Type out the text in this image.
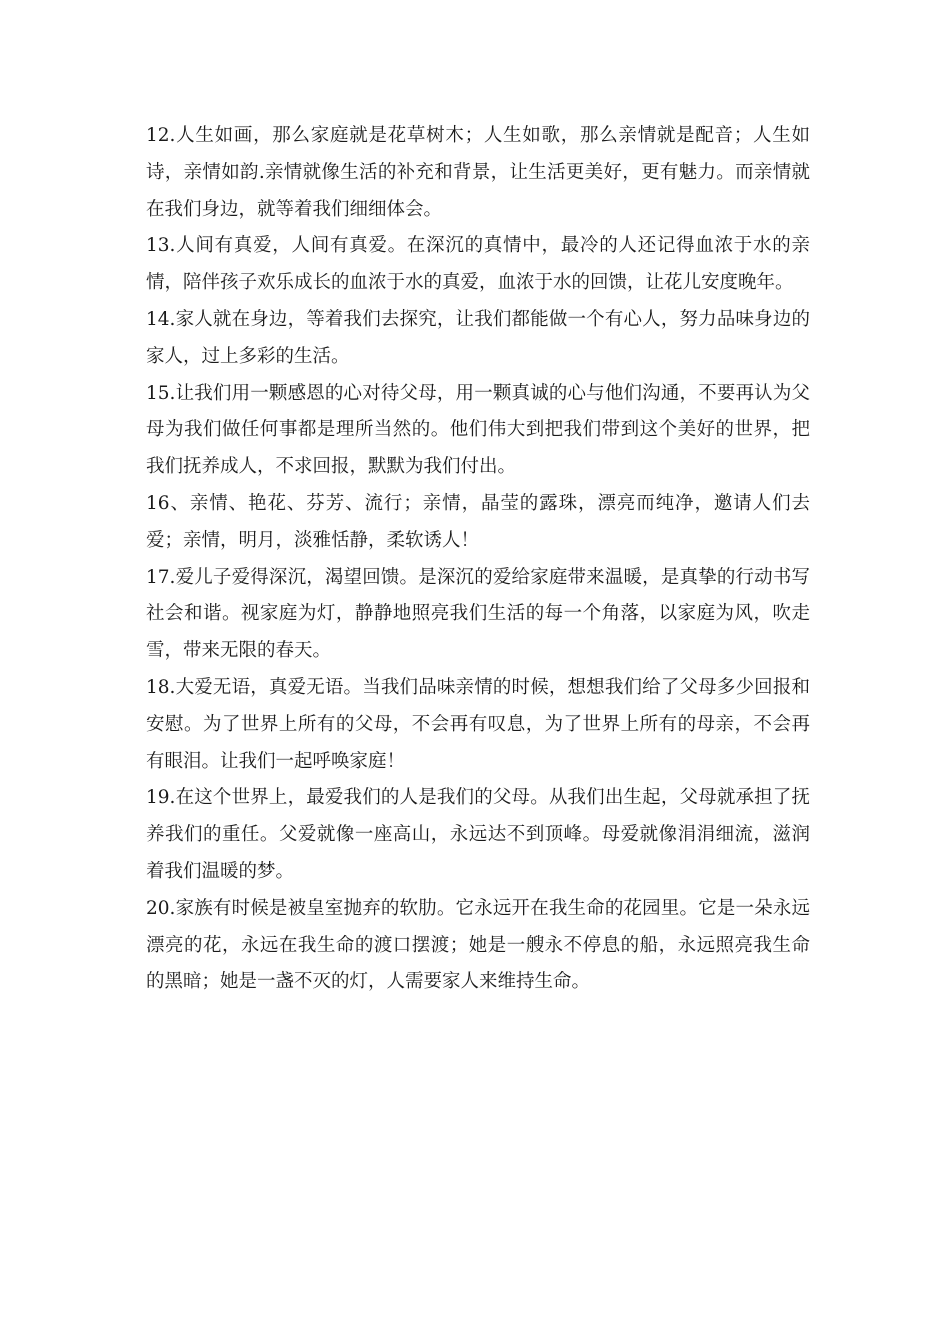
12.人生如画，那么家庭就是花草树木；人生如歌，那么亲情就是配音；人生如诗，亲情如韵.亲情就像生活的补充和背景，让生活更美好，更有魅力。而亲情就在我们身边，就等着我们细细体会。

13.人间有真爱，人间有真爱。在深沉的真情中，最冷的人还记得血浓于水的亲情，陪伴孩子欢乐成长的血浓于水的真爱，血浓于水的回馈，让花儿安度晚年。

14.家人就在身边，等着我们去探究，让我们都能做一个有心人，努力品味身边的家人，过上多彩的生活。

15.让我们用一颗感恩的心对待父母，用一颗真诚的心与他们沟通，不要再认为父母为我们做任何事都是理所当然的。他们伟大到把我们带到这个美好的世界，把我们抚养成人，不求回报，默默为我们付出。

16、亲情、艳花、芬芳、流行；亲情，晶莹的露珠，漂亮而纯净，邀请人们去爱；亲情，明月，淡雅恬静，柔软诱人！

17.爱儿子爱得深沉，渴望回馈。是深沉的爱给家庭带来温暖，是真挚的行动书写社会和谐。视家庭为灯，静静地照亮我们生活的每一个角落，以家庭为风，吹走雪，带来无限的春天。

18.大爱无语，真爱无语。当我们品味亲情的时候，想想我们给了父母多少回报和安慰。为了世界上所有的父母，不会再有叹息，为了世界上所有的母亲，不会再有眼泪。让我们一起呼唤家庭！

19.在这个世界上，最爱我们的人是我们的父母。从我们出生起，父母就承担了抚养我们的重任。父爱就像一座高山，永远达不到顶峰。母爱就像涓涓细流，滋润着我们温暖的梦。

20.家族有时候是被皇室抛弃的软肋。它永远开在我生命的花园里。它是一朵永远漂亮的花，永远在我生命的渡口摆渡；她是一艘永不停息的船，永远照亮我生命的黑暗；她是一盏不灭的灯，人需要家人来维持生命。
